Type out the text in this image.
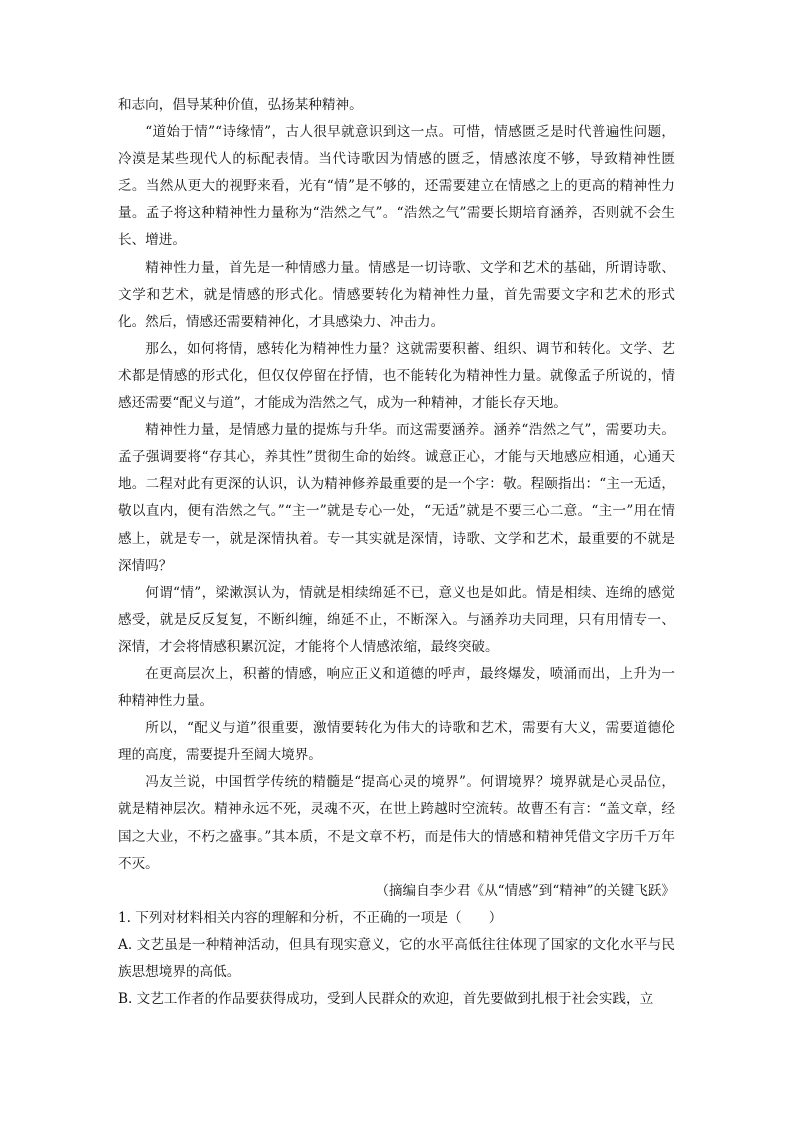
和志向，倡导某种价值，弘扬某种精神。

“道始于情”“诗缘情”，古人很早就意识到这一点。可惜，情感匮乏是时代普遍性问题，冷漠是某些现代人的标配表情。当代诗歌因为情感的匮乏，情感浓度不够，导致精神性匮乏。当然从更大的视野来看，光有“情”是不够的，还需要建立在情感之上的更高的精神性力量。孟子将这种精神性力量称为“浩然之气”。“浩然之气”需要长期培育涵养，否则就不会生长、增进。

精神性力量，首先是一种情感力量。情感是一切诗歌、文学和艺术的基础，所谓诗歌、文学和艺术，就是情感的形式化。情感要转化为精神性力量，首先需要文字和艺术的形式化。然后，情感还需要精神化，才具感染力、冲击力。

那么，如何将情，感转化为精神性力量？这就需要积蓄、组织、调节和转化。文学、艺术都是情感的形式化，但仅仅停留在抒情，也不能转化为精神性力量。就像孟子所说的，情感还需要“配义与道”，才能成为浩然之气，成为一种精神，才能长存天地。

精神性力量，是情感力量的提炼与升华。而这需要涵养。涵养“浩然之气”，需要功夫。孟子强调要将“存其心，养其性”贯彻生命的始终。诚意正心，才能与天地感应相通，心通天地。二程对此有更深的认识，认为精神修养最重要的是一个字：敬。程颐指出：“主一无适，敬以直内，便有浩然之气。”“主一”就是专心一处，“无适”就是不要三心二意。“主一”用在情感上，就是专一，就是深情执着。专一其实就是深情，诗歌、文学和艺术，最重要的不就是深情吗？

何谓“情”，梁漱溟认为，情就是相续绵延不已，意义也是如此。情是相续、连绵的感觉感受，就是反反复复，不断纠缠，绵延不止，不断深入。与涵养功夫同理，只有用情专一、深情，才会将情感积累沉淀，才能将个人情感浓缩，最终突破。

在更高层次上，积蓄的情感，响应正义和道德的呼声，最终爆发，喷涌而出，上升为一种精神性力量。

所以，“配义与道”很重要，激情要转化为伟大的诗歌和艺术，需要有大义，需要道德伦理的高度，需要提升至阔大境界。

冯友兰说，中国哲学传统的精髓是“提高心灵的境界”。何谓境界？境界就是心灵品位，就是精神层次。精神永远不死，灵魂不灭，在世上跨越时空流转。故曹丕有言：“盖文章，经国之大业，不朽之盛事。”其本质，不是文章不朽，而是伟大的情感和精神凭借文字历千万年不灭。

（摘编自李少君《从“情感”到“精神”的关键飞跃》

1. 下列对材料相关内容的理解和分析，不正确的一项是（　　）

A. 文艺虽是一种精神活动，但具有现实意义，它的水平高低往往体现了国家的文化水平与民族思想境界的高低。

B. 文艺工作者的作品要获得成功，受到人民群众的欢迎，首先要做到扎根于社会实践，立
